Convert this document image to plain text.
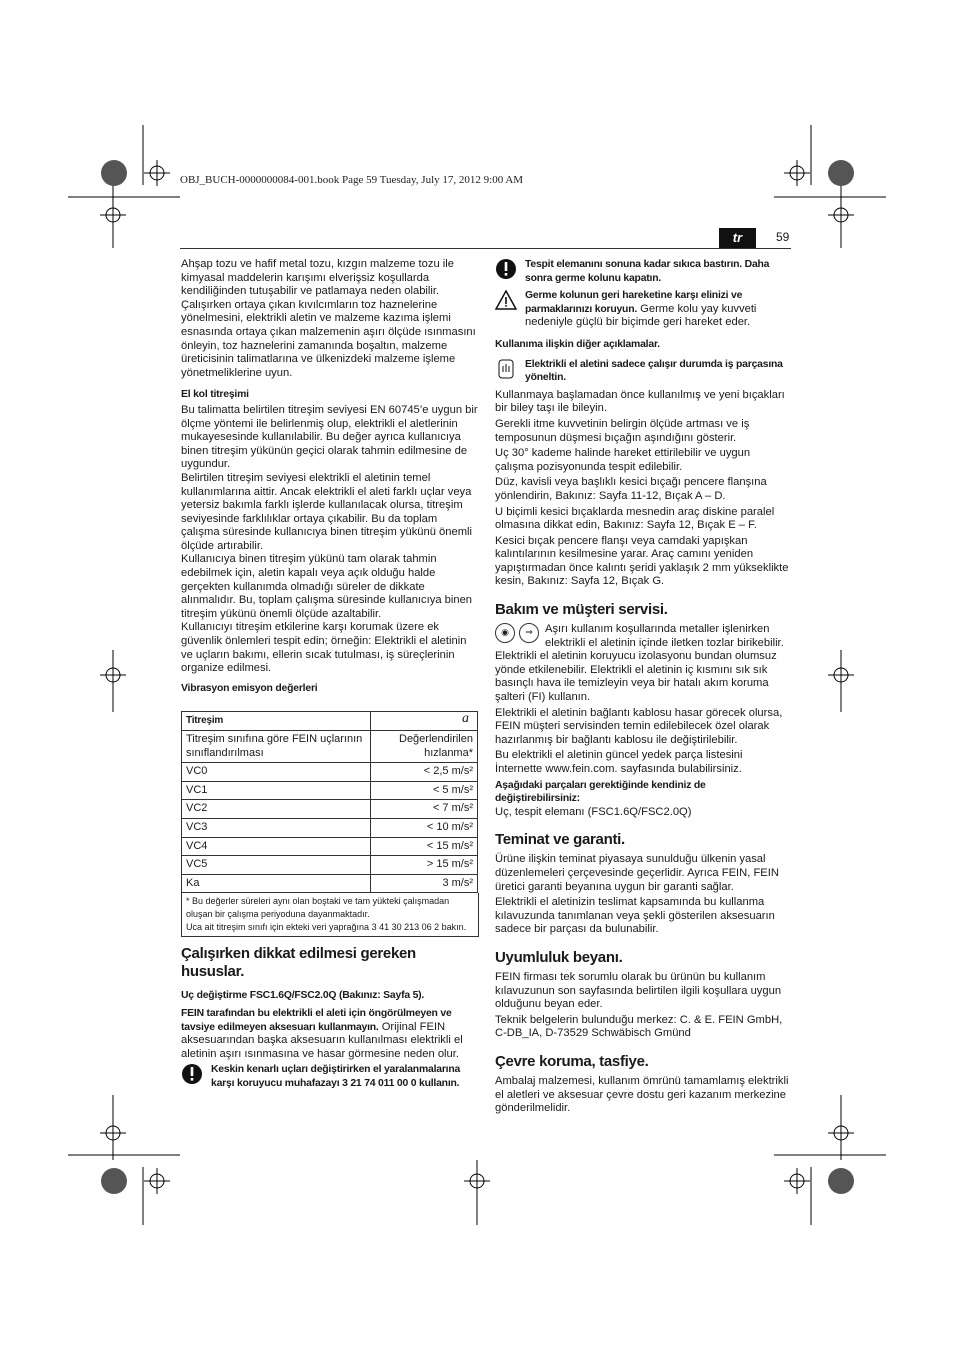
OBJ_BUCH-0000000084-001.book Page 59 Tuesday, July 17, 2012 9:00 AM
tr	59

Ahşap tozu ve hafif metal tozu, kızgın malzeme tozu ile kimyasal maddelerin karışımı elverişsiz koşullarda kendiliğinden tutuşabilir ve patlamaya neden olabilir. Çalışırken ortaya çıkan kıvılcımların toz haznelerine yönelmesini, elektrikli aletin ve malzeme kazıma işlemi esnasında ortaya çıkan malzemenin aşırı ölçüde ısınmasını önleyin, toz haznelerini zamanında boşaltın, malzeme üreticisinin talimatlarına ve ülkenizdeki malzeme işleme yönetmeliklerine uyun.

El kol titreşimi

Bu talimatta belirtilen titreşim seviyesi EN 60745’e uygun bir ölçme yöntemi ile belirlenmiş olup, elektrikli el aletlerinin mukayesesinde kullanılabilir. Bu değer ayrıca kullanıcıya binen titreşim yükünün geçici olarak tahmin edilmesine de uygundur.

Belirtilen titreşim seviyesi elektrikli el aletinin temel kullanımlarına aittir. Ancak elektrikli el aleti farklı uçlar veya yetersiz bakımla farklı işlerde kullanılacak olursa, titreşim seviyesinde farklılıklar ortaya çıkabilir. Bu da toplam çalışma süresinde kullanıcıya binen titreşim yükünü önemli ölçüde artırabilir.

Kullanıcıya binen titreşim yükünü tam olarak tahmin edebilmek için, aletin kapalı veya açık olduğu halde gerçekten kullanımda olmadığı süreler de dikkate alınmalıdır. Bu, toplam çalışma süresinde kullanıcıya binen titreşim yükünü önemli ölçüde azaltabilir.

Kullanıcıyı titreşim etkilerine karşı korumak üzere ek güvenlik önlemleri tespit edin; örneğin: Elektrikli el aletinin ve uçların bakımı, ellerin sıcak tutulması, iş süreçlerinin organize edilmesi.

Vibrasyon emisyon değerleri
Titreşim	a
Titreşim sınıfına göre FEIN uçlarının sınıflandırılması	Değerlendirilen hızlanma*
VC0	< 2,5 m/s²
VC1	< 5 m/s²
VC2	< 7 m/s²
VC3	< 10 m/s²
VC4	< 15 m/s²
VC5	> 15 m/s²
Ka	3 m/s²
* Bu değerler süreleri aynı olan boştaki ve tam yükteki çalışmadan oluşan bir çalışma periyoduna dayanmaktadır.
Uca ait titreşim sınıfı için ekteki veri yaprağına 3 41 30 213 06 2 bakın.
Çalışırken dikkat edilmesi gereken hususlar.
Uç değiştirme FSC1.6Q/FSC2.0Q (Bakınız: Sayfa 5).

FEIN tarafından bu elektrikli el aleti için öngörülmeyen ve tavsiye edilmeyen aksesuarı kullanmayın. Orijinal FEIN aksesuarından başka aksesuarın kullanılması elektrikli el aletinin aşırı ısınmasına ve hasar görmesine neden olur.

Keskin kenarlı uçları değiştirirken el yaralanmalarına karşı koruyucu muhafazayı 3 21 74 011 00 0 kullanın.
Tespit elemanını sonuna kadar sıkıca bastırın. Daha sonra germe kolunu kapatın.
Germe kolunun geri hareketine karşı elinizi ve parmaklarınızı koruyun. Germe kolu yay kuvveti nedeniyle güçlü bir biçimde geri hareket eder.
Kullanıma ilişkin diğer açıklamalar.
Elektrikli el aletini sadece çalışır durumda iş parçasına yöneltin.

Kullanmaya başlamadan önce kullanılmış ve yeni bıçakları bir biley taşı ile bileyin.

Gerekli itme kuvvetinin belirgin ölçüde artması ve iş temposunun düşmesi bıçağın aşındığını gösterir.

Uç 30° kademe halinde hareket ettirilebilir ve uygun çalışma pozisyonunda tespit edilebilir.

Düz, kavisli veya başlıklı kesici bıçağı pencere flanşına yönlendirin, Bakınız: Sayfa 11-12, Bıçak A – D.

U biçimli kesici bıçaklarda mesnedin araç diskine paralel olmasına dikkat edin, Bakınız: Sayfa 12, Bıçak E – F.

Kesici bıçak pencere flanşı veya camdaki yapışkan kalıntılarının kesilmesine yarar. Araç camını yeniden yapıştırmadan önce kalıntı şeridi yaklaşık 2 mm yükseklikte kesin, Bakınız: Sayfa 12, Bıçak G.

Bakım ve müşteri servisi.
◉	⇒	Aşırı kullanım koşullarında metaller işlenirken elektrikli el aletinin içinde iletken tozlar birikebilir. Elektrikli el aletinin koruyucu izolasyonu bundan olumsuz yönde etkilenebilir. Elektrikli el aletinin iç kısmını sık sık basınçlı hava ile temizleyin veya bir hatalı akım koruma şalteri (FI) kullanın.

Elektrikli el aletinin bağlantı kablosu hasar görecek olursa, FEIN müşteri servisinden temin edilebilecek özel olarak hazırlanmış bir bağlantı kablosu ile değiştirilebilir.

Bu elektrikli el aletinin güncel yedek parça listesini İnternette www.fein.com. sayfasında bulabilirsiniz.

Aşağıdaki parçaları gerektiğinde kendiniz de değiştirebilirsiniz:

Uç, tespit elemanı (FSC1.6Q/FSC2.0Q)

Teminat ve garanti.

Ürüne ilişkin teminat piyasaya sunulduğu ülkenin yasal düzenlemeleri çerçevesinde geçerlidir. Ayrıca FEIN, FEIN üretici garanti beyanına uygun bir garanti sağlar.

Elektrikli el aletinizin teslimat kapsamında bu kullanma kılavuzunda tanımlanan veya şekli gösterilen aksesuarın sadece bir parçası da bulunabilir.

Uyumluluk beyanı.

FEIN firması tek sorumlu olarak bu ürünün bu kullanım kılavuzunun son sayfasında belirtilen ilgili koşullara uygun olduğunu beyan eder.

Teknik belgelerin bulunduğu merkez: C. & E. FEIN GmbH, C-DB_IA, D-73529 Schwäbisch Gmünd

Çevre koruma, tasfiye.

Ambalaj malzemesi, kullanım ömrünü tamamlamış elektrikli el aletleri ve aksesuar çevre dostu geri kazanım merkezine gönderilmelidir.
